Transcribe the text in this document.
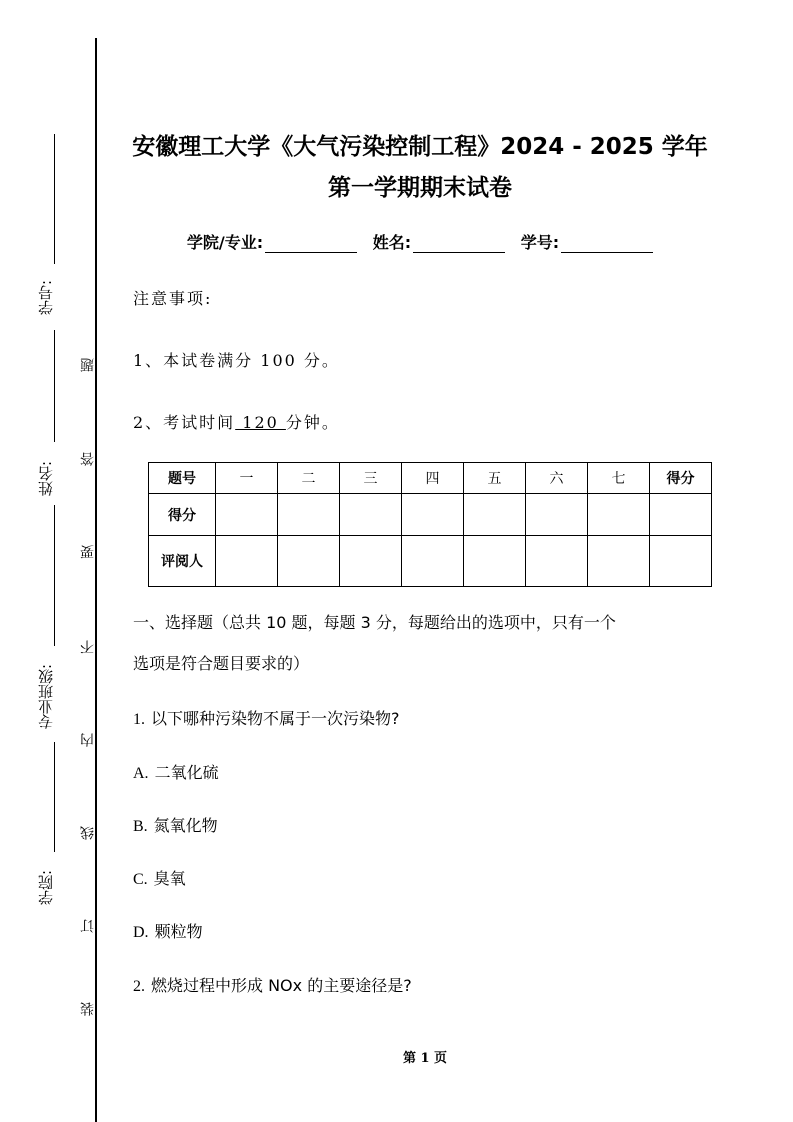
学号:
姓名:
专业班级:
学院:
题
答
要
不
内
线
订
装
安徽理工大学《大气污染控制工程》2024 - 2025 学年
第一学期期末试卷
学院/专业:	姓名:	学号:
注意事项:
1、本试卷满分 100 分。
2、考试时间 120 分钟。
题号	一	二	三	四	五	六	七	得分
得分								
评阅人								
一、选择题（总共 10 题，每题 3 分，每题给出的选项中，只有一个
选项是符合题目要求的）
1. 以下哪种污染物不属于一次污染物?
A. 二氧化硫
B. 氮氧化物
C. 臭氧
D. 颗粒物
2. 燃烧过程中形成 NOx 的主要途径是?
第 1 页
